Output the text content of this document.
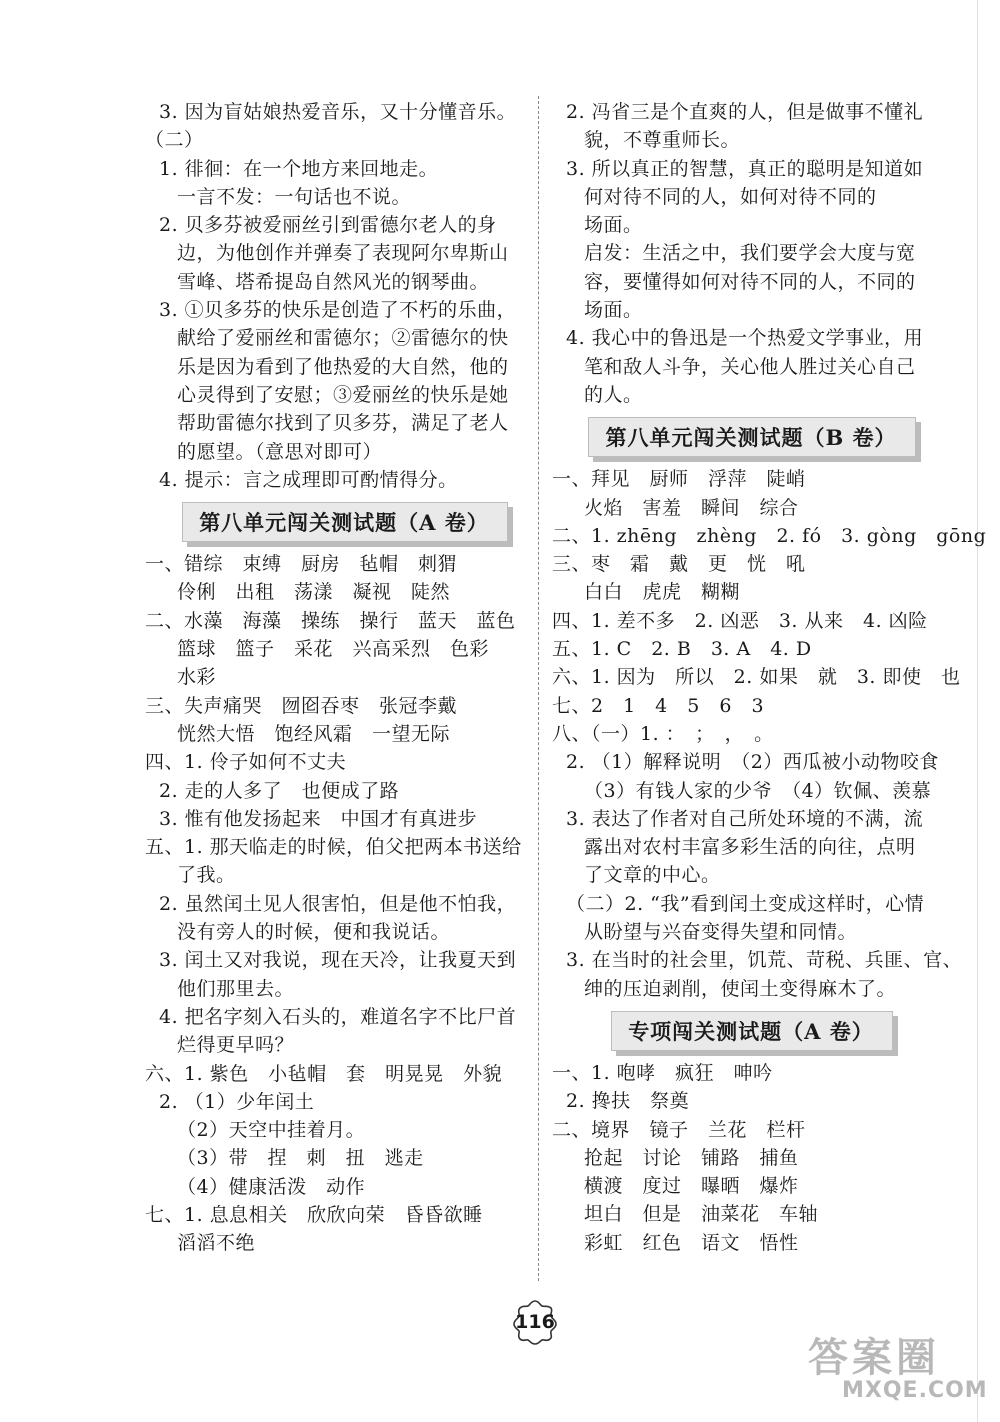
3. 因为盲姑娘热爱音乐，又十分懂音乐。
（二）
1. 徘徊：在一个地方来回地走。
一言不发：一句话也不说。
2. 贝多芬被爱丽丝引到雷德尔老人的身
边，为他创作并弹奏了表现阿尔卑斯山
雪峰、塔希提岛自然风光的钢琴曲。
3. ①贝多芬的快乐是创造了不朽的乐曲，
献给了爱丽丝和雷德尔；②雷德尔的快
乐是因为看到了他热爱的大自然，他的
心灵得到了安慰；③爱丽丝的快乐是她
帮助雷德尔找到了贝多芬，满足了老人
的愿望。（意思对即可）
4. 提示：言之成理即可酌情得分。
第八单元闯关测试题（A 卷）
一、错综　束缚　厨房　毡帽　刺猬
伶俐　出租　荡漾　凝视　陡然
二、水藻　海藻　操练　操行　蓝天　蓝色
篮球　篮子　采花　兴高采烈　色彩
水彩
三、失声痛哭　囫囵吞枣　张冠李戴
恍然大悟　饱经风霜　一望无际
四、1. 伶子如何不丈夫
2. 走的人多了　也便成了路
3. 惟有他发扬起来　中国才有真进步
五、1. 那天临走的时候，伯父把两本书送给
了我。
2. 虽然闰土见人很害怕，但是他不怕我，
没有旁人的时候，便和我说话。
3. 闰土又对我说，现在天冷，让我夏天到
他们那里去。
4. 把名字刻入石头的，难道名字不比尸首
烂得更早吗？
六、1. 紫色　小毡帽　套　明晃晃　外貌
2. （1）少年闰土
（2）天空中挂着月。
（3）带　捏　刺　扭　逃走
（4）健康活泼　动作
七、1. 息息相关　欣欣向荣　昏昏欲睡
滔滔不绝
2. 冯省三是个直爽的人，但是做事不懂礼
貌，不尊重师长。
3. 所以真正的智慧，真正的聪明是知道如
何对待不同的人，如何对待不同的
场面。
启发：生活之中，我们要学会大度与宽
容，要懂得如何对待不同的人，不同的
场面。
4. 我心中的鲁迅是一个热爱文学事业，用
笔和敌人斗争，关心他人胜过关心自己
的人。
第八单元闯关测试题（B 卷）
一、拜见　厨师　浮萍　陡峭
火焰　害羞　瞬间　综合
二、1. zhēng　zhèng　2. fó　3. gòng　gōng
三、枣　霜　戴　更　恍　吼
白白　虎虎　糊糊
四、1. 差不多　2. 凶恶　3. 从来　4. 凶险
五、1. C　2. B　3. A　4. D
六、1. 因为　所以　2. 如果　就　3. 即使　也
七、2　1　4　5　6　3
八、（一）1. ：　；　，　。
2. （1）解释说明　（2）西瓜被小动物咬食
（3）有钱人家的少爷　（4）钦佩、羡慕
3. 表达了作者对自己所处环境的不满，流
露出对农村丰富多彩生活的向往，点明
了文章的中心。
（二）2. “我”看到闰土变成这样时，心情
从盼望与兴奋变得失望和同情。
3. 在当时的社会里，饥荒、苛税、兵匪、官、
绅的压迫剥削，使闰土变得麻木了。
专项闯关测试题（A 卷）
一、1. 咆哮　疯狂　呻吟
2. 搀扶　祭奠
二、境界　镜子　兰花　栏杆
抢起　讨论　铺路　捕鱼
横渡　度过　曝晒　爆炸
坦白　但是　油菜花　车轴
彩虹　红色　语文　悟性
116
答案圈
MXQE.COM
